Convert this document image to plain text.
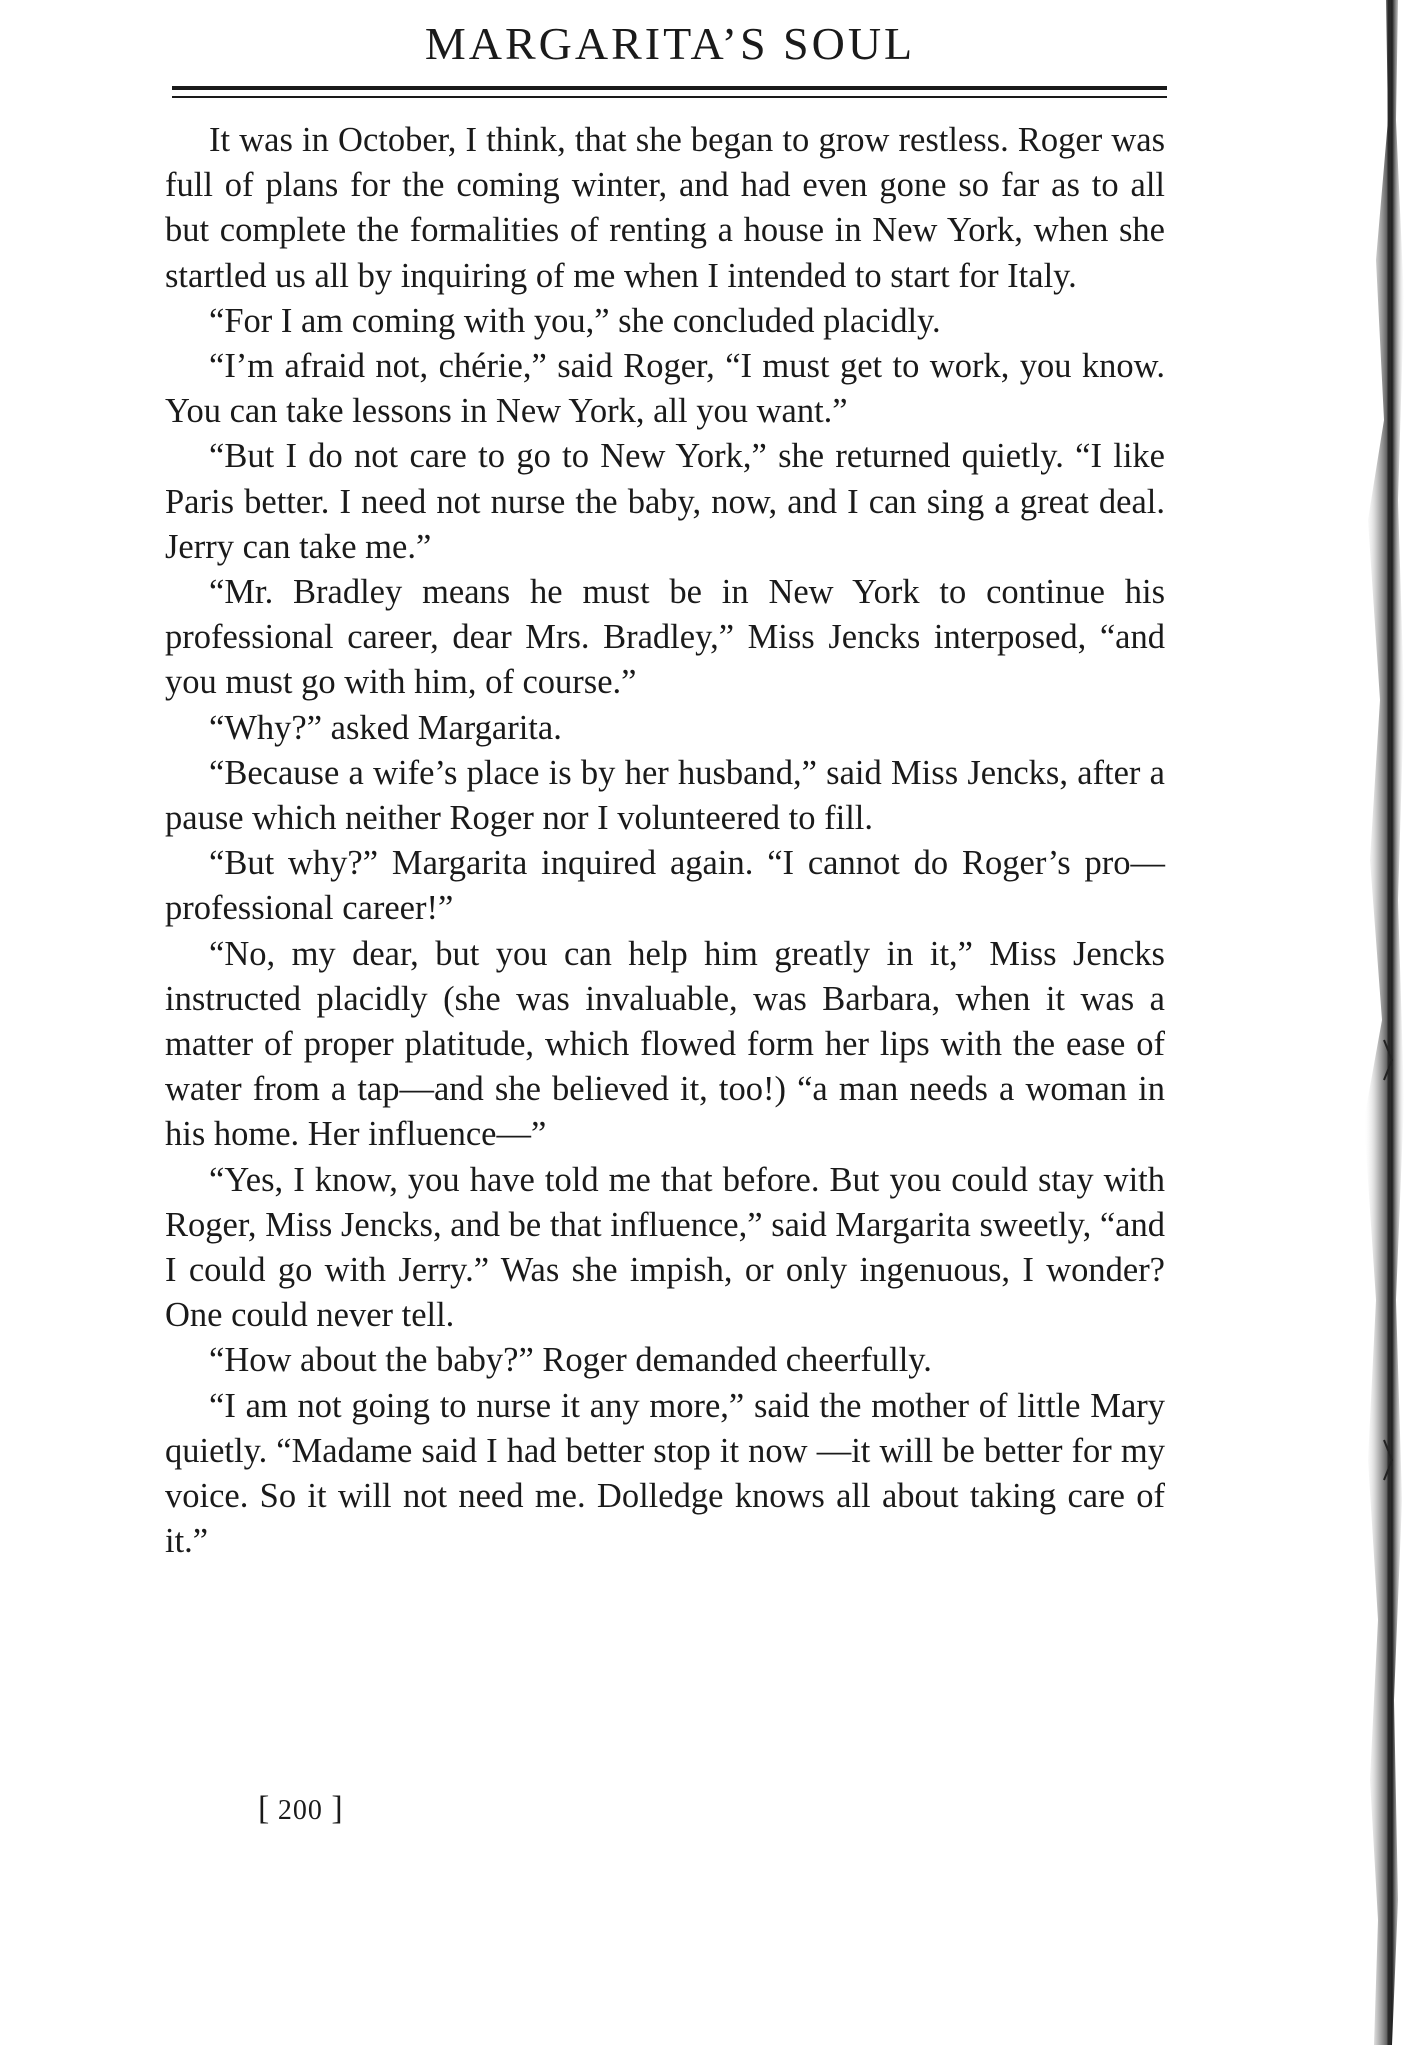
MARGARITA’S SOUL

It was in October, I think, that she began to grow restless. Roger was full of plans for the coming winter, and had even gone so far as to all but complete the formalities of renting a house in New York, when she startled us all by inquiring of me when I intended to start for Italy.

“For I am coming with you,” she concluded placidly.

“I’m afraid not, chérie,” said Roger, “I must get to work, you know. You can take lessons in New York, all you want.”

“But I do not care to go to New York,” she returned quietly. “I like Paris better. I need not nurse the baby, now, and I can sing a great deal. Jerry can take me.”

“Mr. Bradley means he must be in New York to continue his professional career, dear Mrs. Bradley,” Miss Jencks interposed, “and you must go with him, of course.”

“Why?” asked Margarita.

“Because a wife’s place is by her husband,” said Miss Jencks, after a pause which neither Roger nor I volunteered to fill.

“But why?” Margarita inquired again. “I cannot do Roger’s pro—professional career!”

“No, my dear, but you can help him greatly in it,” Miss Jencks instructed placidly (she was invaluable, was Barbara, when it was a matter of proper platitude, which flowed form her lips with the ease of water from a tap—and she believed it, too!) “a man needs a woman in his home. Her influence—”

“Yes, I know, you have told me that before. But you could stay with Roger, Miss Jencks, and be that influence,” said Margarita sweetly, “and I could go with Jerry.” Was she impish, or only ingenuous, I wonder? One could never tell.

“How about the baby?” Roger demanded cheerfully.

“I am not going to nurse it any more,” said the mother of little Mary quietly. “Madame said I had better stop it now —it will be better for my voice. So it will not need me. Dolledge knows all about taking care of it.”

[ 200 ]
